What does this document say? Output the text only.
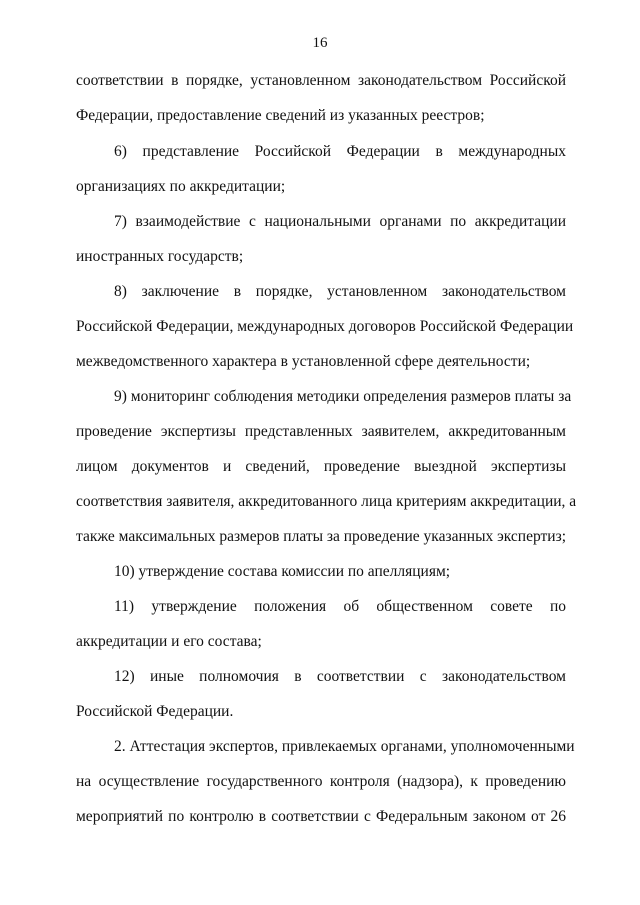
16
соответствии в порядке, установленном законодательством Российской
Федерации, предоставление сведений из указанных реестров;
6) представление Российской Федерации в международных
организациях по аккредитации;
7) взаимодействие с национальными органами по аккредитации
иностранных государств;
8) заключение в порядке, установленном законодательством
Российской Федерации, международных договоров Российской Федерации
межведомственного характера в установленной сфере деятельности;
9) мониторинг соблюдения методики определения размеров платы за
проведение экспертизы представленных заявителем, аккредитованным
лицом документов и сведений, проведение выездной экспертизы
соответствия заявителя, аккредитованного лица критериям аккредитации, а
также максимальных размеров платы за проведение указанных экспертиз;
10) утверждение состава комиссии по апелляциям;
11) утверждение положения об общественном совете по
аккредитации и его состава;
12) иные полномочия в соответствии с законодательством
Российской Федерации.
2. Аттестация экспертов, привлекаемых органами, уполномоченными
на осуществление государственного контроля (надзора), к проведению
мероприятий по контролю в соответствии с Федеральным законом от 26
